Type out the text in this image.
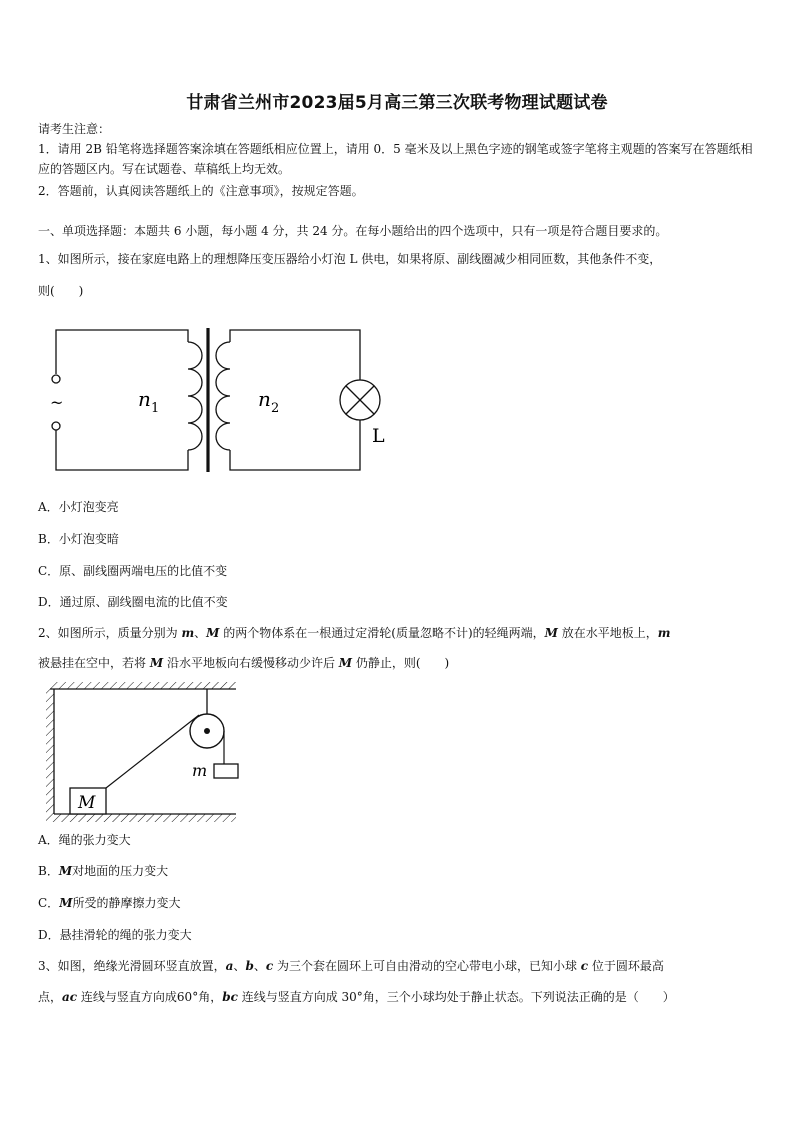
甘肃省兰州市2023届5月高三第三次联考物理试题试卷
请考生注意：
1．请用 2B 铅笔将选择题答案涂填在答题纸相应位置上，请用 0．5 毫米及以上黑色字迹的钢笔或签字笔将主观题的答案写在答题纸相应的答题区内。写在试题卷、草稿纸上均无效。
2．答题前，认真阅读答题纸上的《注意事项》，按规定答题。
一、单项选择题：本题共 6 小题，每小题 4 分，共 24 分。在每小题给出的四个选项中，只有一项是符合题目要求的。
1、如图所示，接在家庭电路上的理想降压变压器给小灯泡 L 供电，如果将原、副线圈减少相同匝数，其他条件不变，
则(　　)
~	n 1	n 2
L
A．小灯泡变亮
B．小灯泡变暗
C．原、副线圈两端电压的比值不变
D．通过原、副线圈电流的比值不变
2、如图所示，质量分别为 m、M 的两个物体系在一根通过定滑轮(质量忽略不计)的轻绳两端，M 放在水平地板上，m
被悬挂在空中，若将 M 沿水平地板向右缓慢移动少许后 M 仍静止，则(　　)
M
m
A．绳的张力变大
B．M对地面的压力变大
C．M所受的静摩擦力变大
D．悬挂滑轮的绳的张力变大
3、如图，绝缘光滑圆环竖直放置，a、b、c 为三个套在圆环上可自由滑动的空心带电小球，已知小球 c 位于圆环最高
点，ac 连线与竖直方向成60°角，bc 连线与竖直方向成 30°角，三个小球均处于静止状态。下列说法正确的是（　　）
